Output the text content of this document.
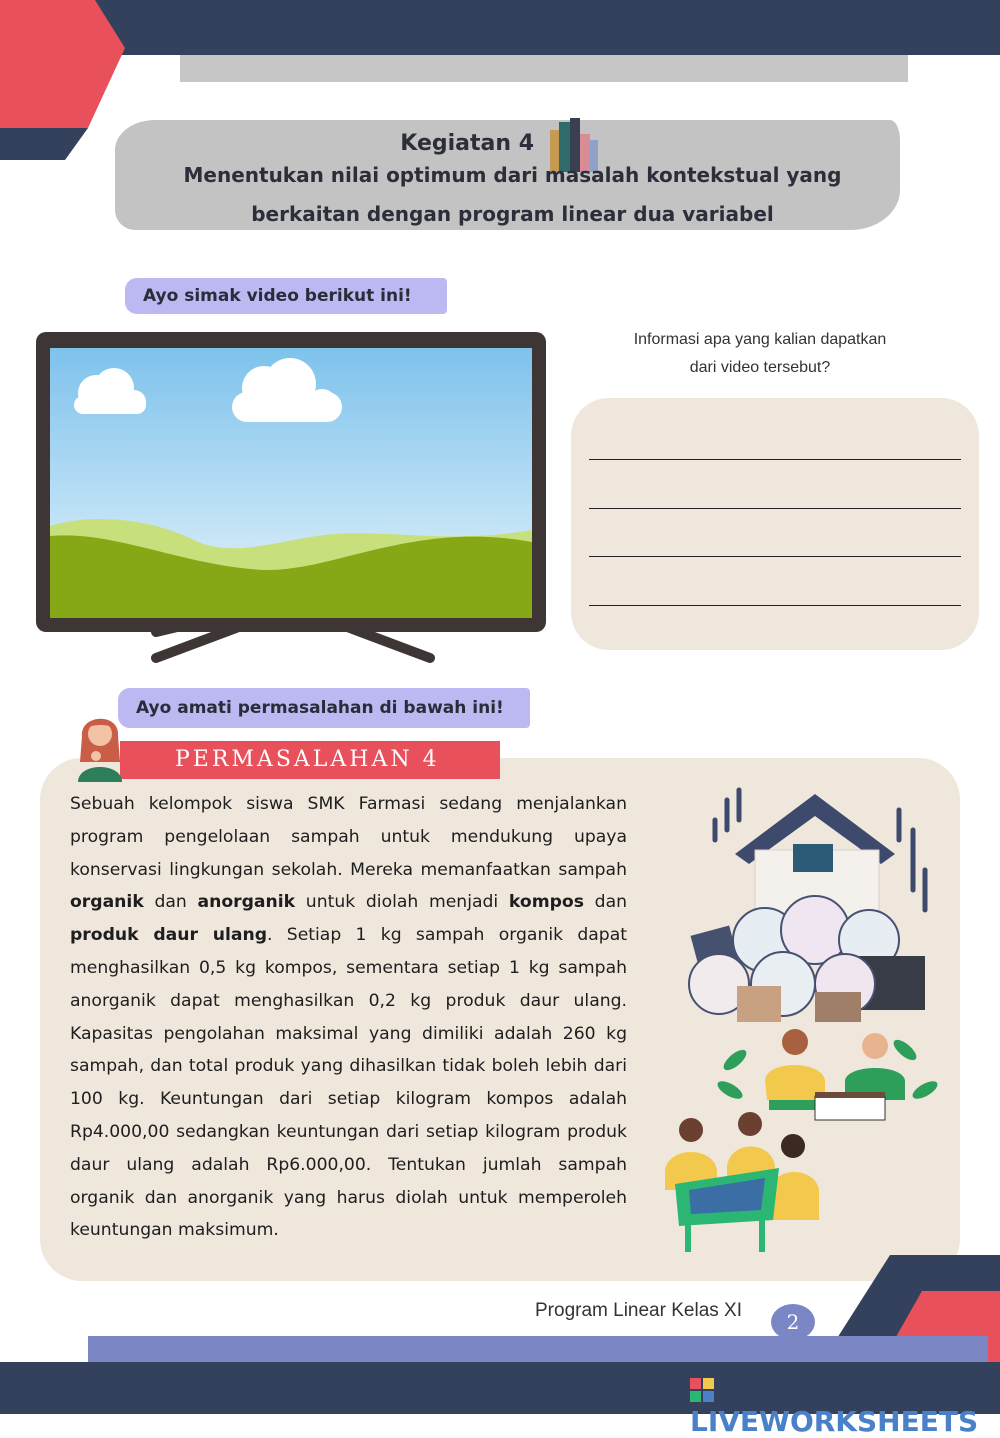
Kegiatan 4
Menentukan nilai optimum dari masalah kontekstual yang
berkaitan dengan program linear dua variabel
Ayo simak video berikut ini!
Informasi apa yang kalian dapatkan
dari video tersebut?
Ayo amati permasalahan di bawah ini!
PERMASALAHAN 4
Sebuah kelompok siswa SMK Farmasi sedang menjalankan program pengelolaan sampah untuk mendukung upaya konservasi lingkungan sekolah. Mereka memanfaatkan sampah organik dan anorganik untuk diolah menjadi kompos dan produk daur ulang. Setiap 1 kg sampah organik dapat menghasilkan 0,5 kg kompos, sementara setiap 1 kg sampah anorganik dapat menghasilkan 0,2 kg produk daur ulang. Kapasitas pengolahan maksimal yang dimiliki adalah 260 kg sampah, dan total produk yang dihasilkan tidak boleh lebih dari 100 kg. Keuntungan dari setiap kilogram kompos adalah Rp4.000,00 sedangkan keuntungan dari setiap kilogram produk daur ulang adalah Rp6.000,00. Tentukan jumlah sampah organik dan anorganik yang harus diolah untuk memperoleh keuntungan maksimum.
Program Linear Kelas XI	2
LIVEWORKSHEETS
